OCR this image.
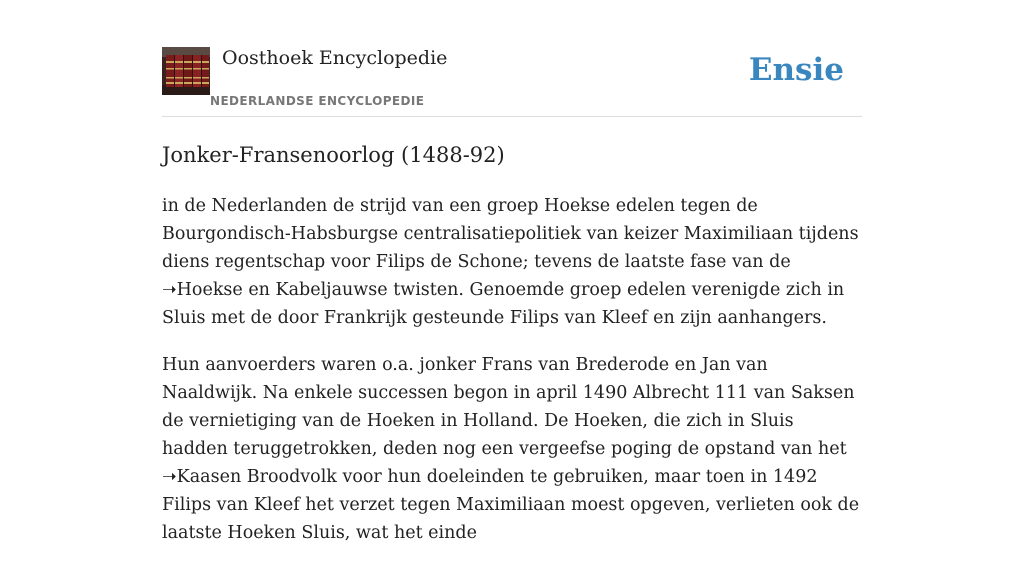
Oosthoek Encyclopedie
NEDERLANDSE ENCYCLOPEDIE
Ensie
Jonker-Fransenoorlog (1488-92)

in de Nederlanden de strijd van een groep Hoekse edelen tegen de Bourgondisch-Habsburgse centralisatiepolitiek van keizer Maximiliaan tijdens diens regentschap voor Filips de Schone; tevens de laatste fase van de ➝Hoekse en Kabeljauwse twisten. Genoemde groep edelen verenigde zich in Sluis met de door Frankrijk gesteunde Filips van Kleef en zijn aanhangers.

Hun aanvoerders waren o.a. jonker Frans van Brederode en Jan van Naaldwijk. Na enkele successen begon in april 1490 Albrecht 111 van Saksen de vernietiging van de Hoeken in Holland. De Hoeken, die zich in Sluis hadden teruggetrokken, deden nog een vergeefse poging de opstand van het ➝Kaasen Broodvolk voor hun doeleinden te gebruiken, maar toen in 1492 Filips van Kleef het verzet tegen Maximiliaan moest opgeven, verlieten ook de laatste Hoeken Sluis, wat het einde
